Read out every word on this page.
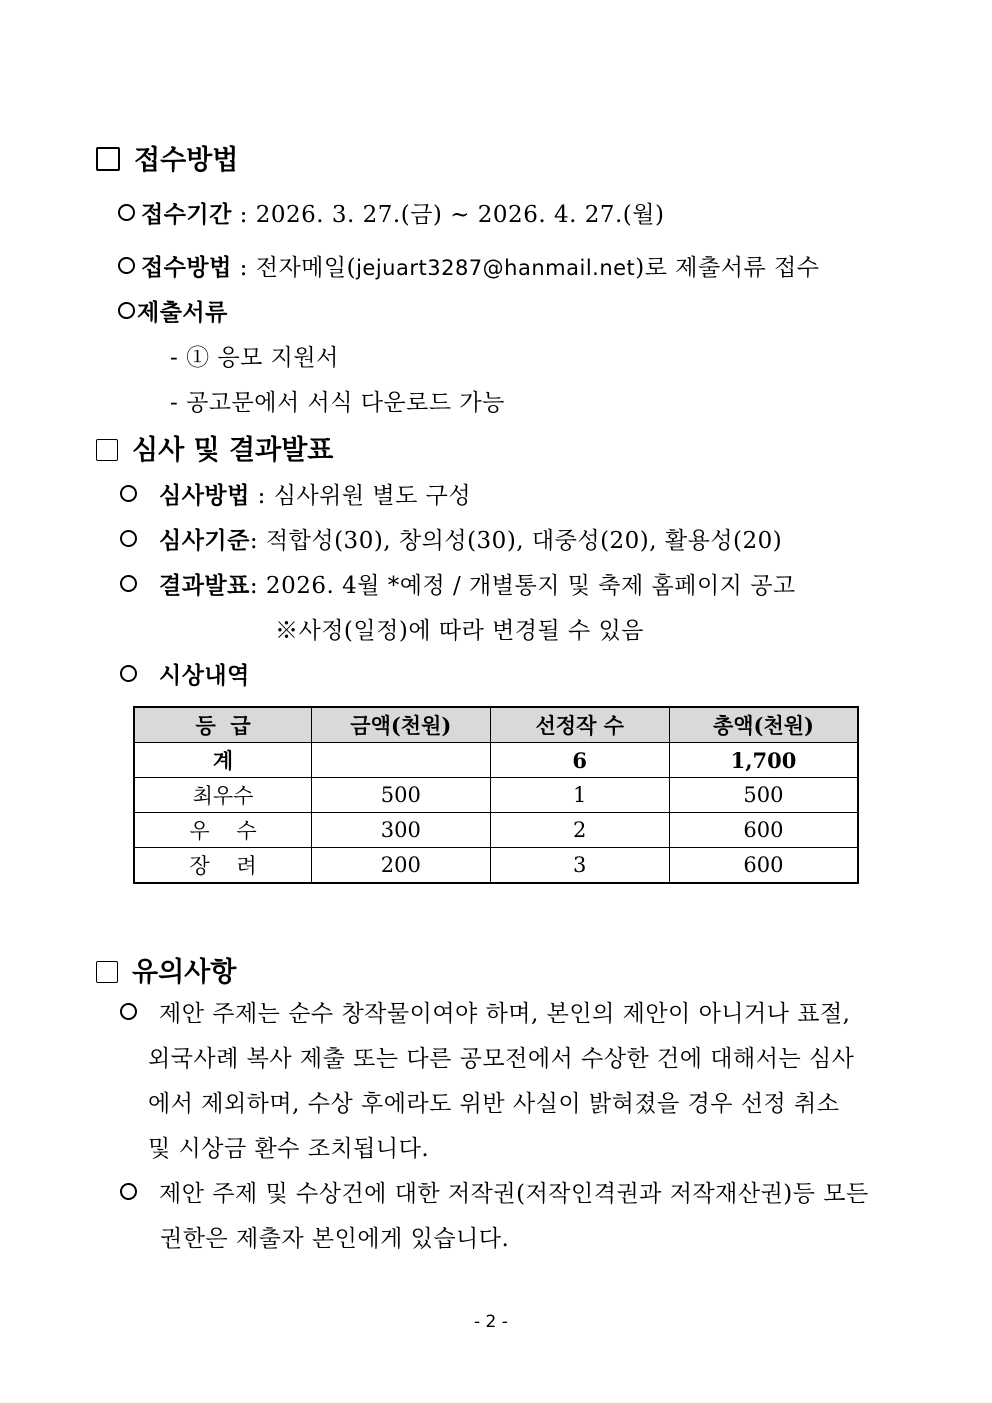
접수방법
접수기간 : 2026. 3. 27.(금) ~ 2026. 4. 27.(월)
접수방법 : 전자메일(jejuart3287@hanmail.net)로 제출서류 접수
제출서류
- ① 응모 지원서
- 공고문에서 서식 다운로드 가능
심사 및 결과발표
심사방법 : 심사위원 별도 구성
심사기준: 적합성(30), 창의성(30), 대중성(20), 활용성(20)
결과발표: 2026. 4월 *예정 / 개별통지 및 축제 홈페이지 공고
※사정(일정)에 따라 변경될 수 있음
시상내역
등  급	금액(천원)	선정작 수	총액(천원)
계		6	1,700
최우수	500	1	500
우    수	300	2	600
장    려	200	3	600
유의사항
제안 주제는 순수 창작물이여야 하며, 본인의 제안이 아니거나 표절,
외국사례 복사 제출 또는 다른 공모전에서 수상한 건에 대해서는 심사
에서 제외하며, 수상 후에라도 위반 사실이 밝혀졌을 경우 선정 취소
및 시상금 환수 조치됩니다.
제안 주제 및 수상건에 대한 저작권(저작인격권과 저작재산권)등 모든
권한은 제출자 본인에게 있습니다.
- 2 -
